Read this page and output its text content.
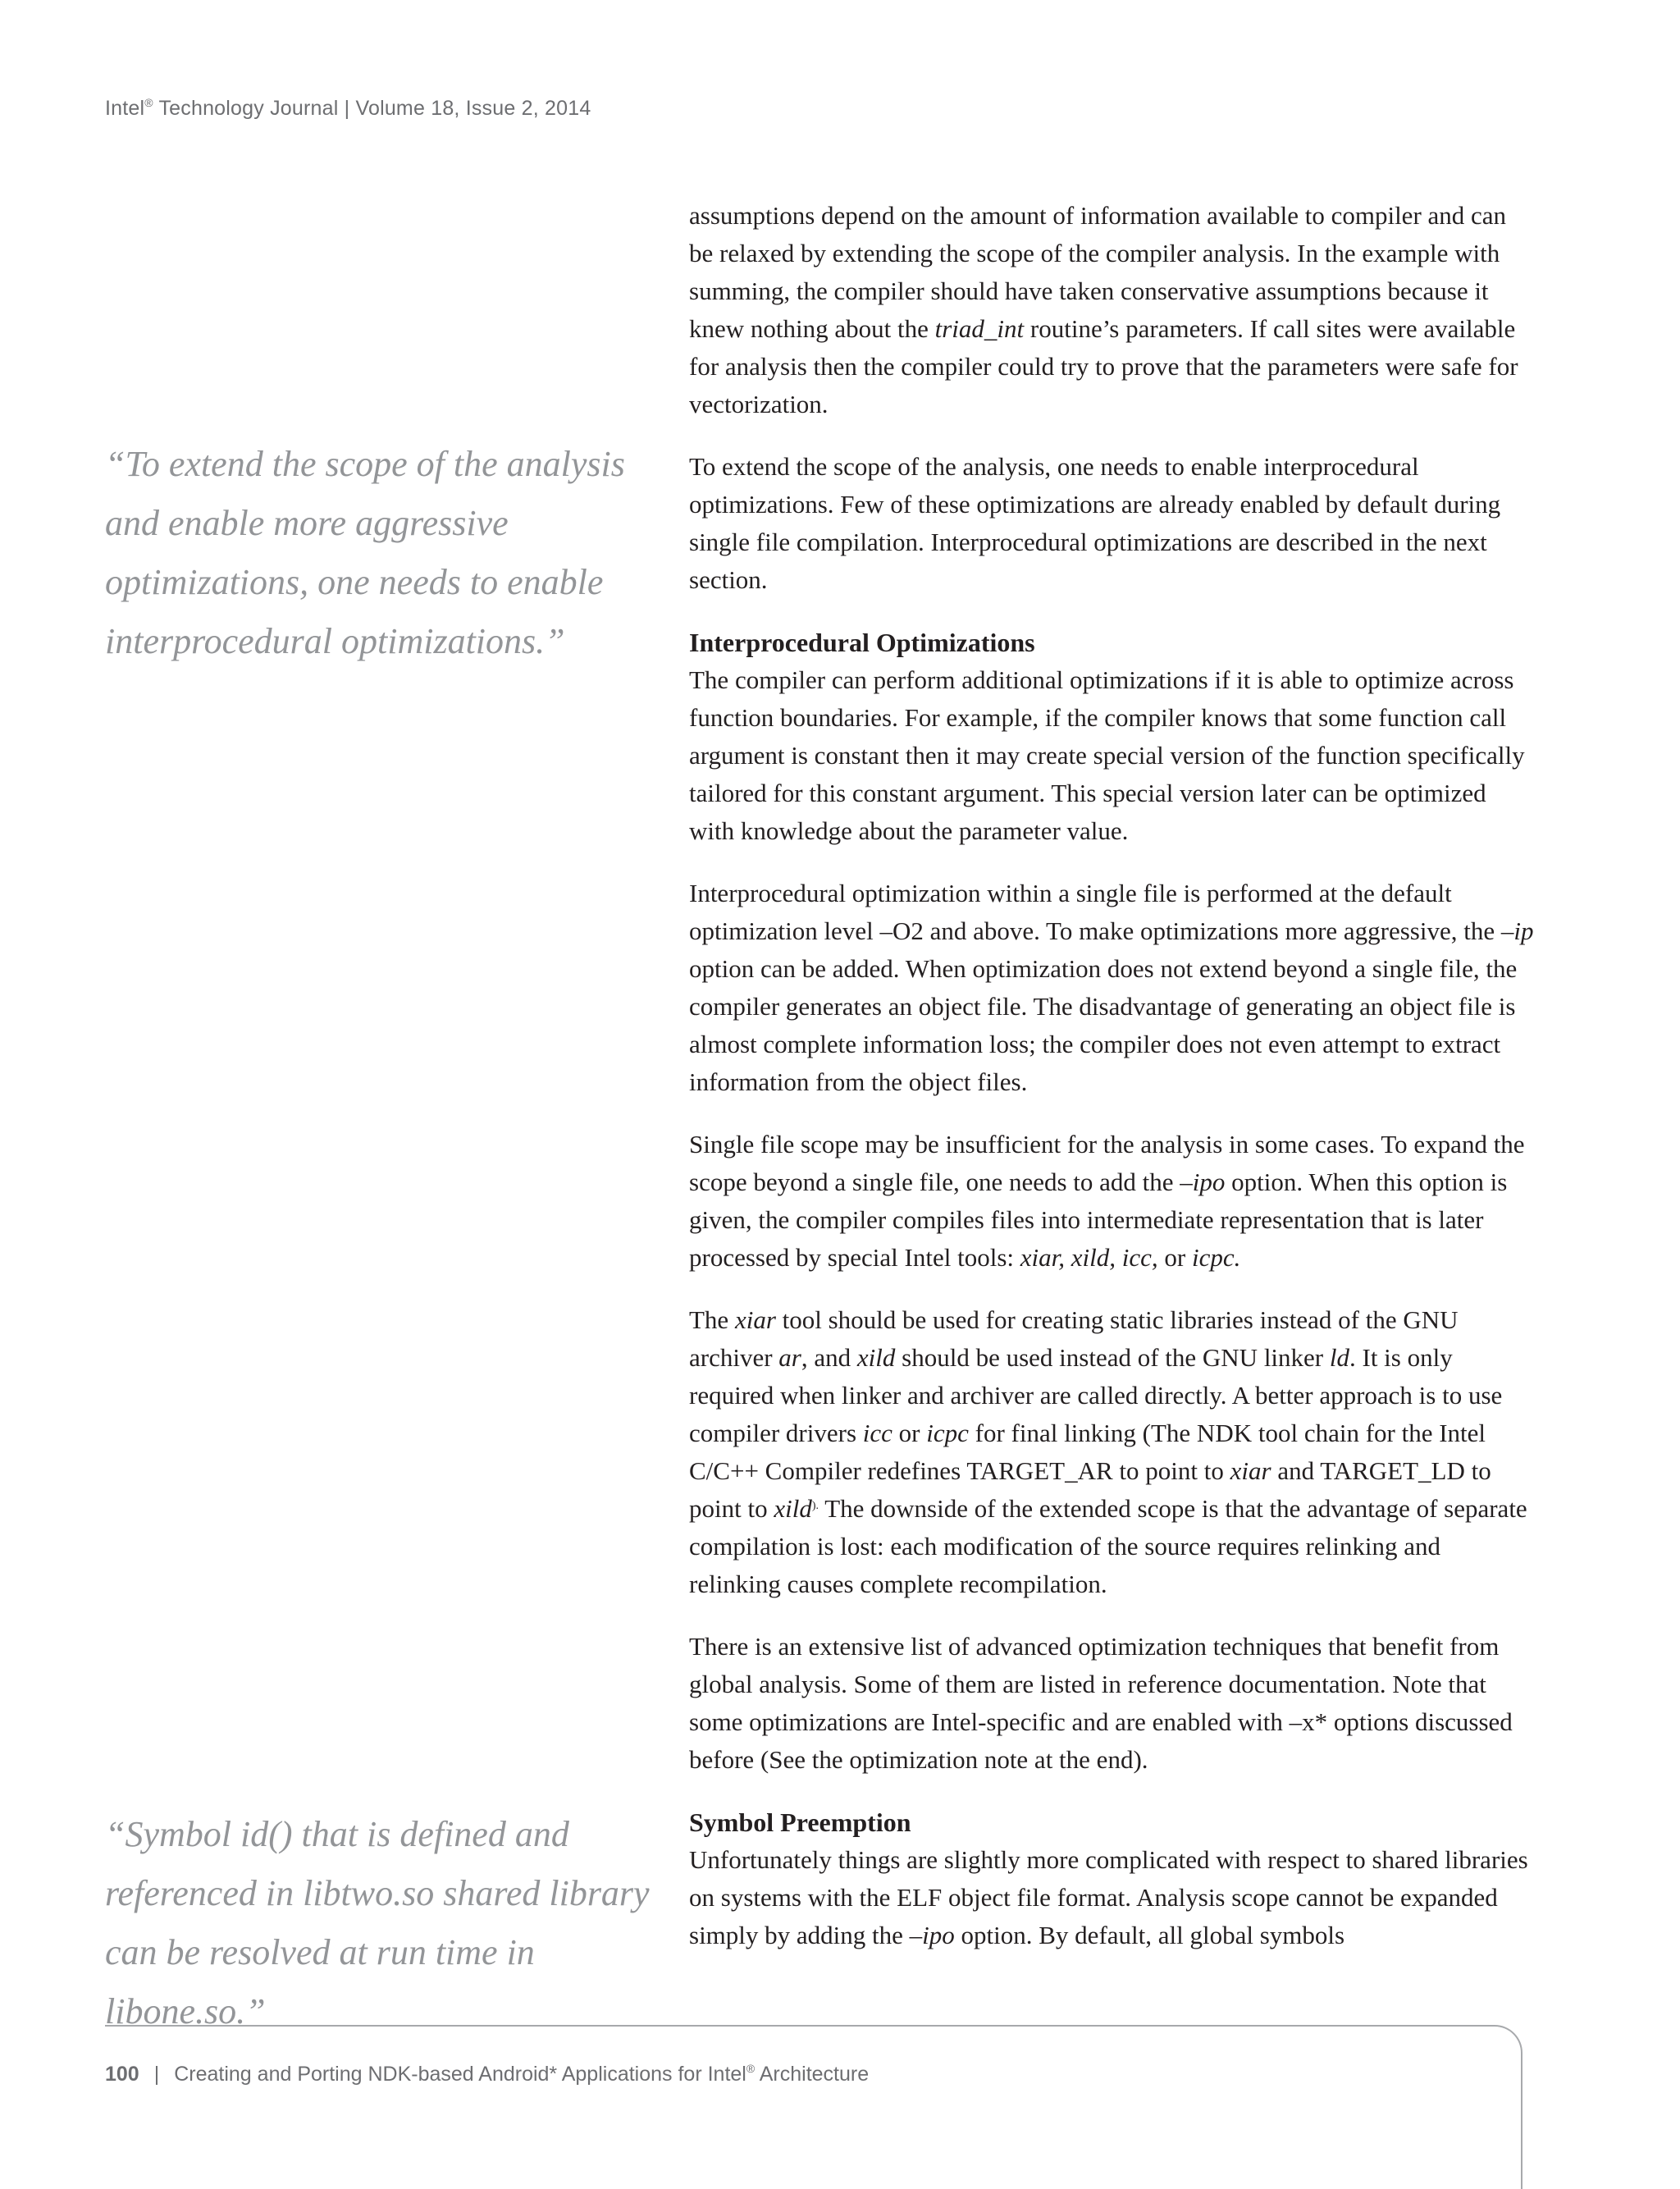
Intel® Technology Journal | Volume 18, Issue 2, 2014
“To extend the scope of the analysis and enable more aggressive optimizations, one needs to enable interprocedural optimizations.”
“Symbol id() that is defined and referenced in libtwo.so shared library can be resolved at run time in libone.so.”

assumptions depend on the amount of information available to compiler and can be relaxed by extending the scope of the compiler analysis. In the example with summing, the compiler should have taken conservative assumptions because it knew nothing about the triad_int routine’s parameters. If call sites were available for analysis then the compiler could try to prove that the parameters were safe for vectorization.

To extend the scope of the analysis, one needs to enable interprocedural optimizations. Few of these optimizations are already enabled by default during single file compilation. Interprocedural optimizations are described in the next section.

Interprocedural Optimizations

The compiler can perform additional optimizations if it is able to optimize across function boundaries. For example, if the compiler knows that some function call argument is constant then it may create special version of the function specifically tailored for this constant argument. This special version later can be optimized with knowledge about the parameter value.

Interprocedural optimization within a single file is performed at the default optimization level –O2 and above. To make optimizations more aggressive, the –ip option can be added. When optimization does not extend beyond a single file, the compiler generates an object file. The disadvantage of generating an object file is almost complete information loss; the compiler does not even attempt to extract information from the object files.

Single file scope may be insufficient for the analysis in some cases. To expand the scope beyond a single file, one needs to add the –ipo option. When this option is given, the compiler compiles files into intermediate representation that is later processed by special Intel tools: xiar, xild, icc, or icpc.

The xiar tool should be used for creating static libraries instead of the GNU archiver ar, and xild should be used instead of the GNU linker ld. It is only required when linker and archiver are called directly. A better approach is to use compiler drivers icc or icpc for final linking (The NDK tool chain for the Intel C/C++ Compiler redefines TARGET_AR to point to xiar and TARGET_LD to point to xild). The downside of the extended scope is that the advantage of separate compilation is lost: each modification of the source requires relinking and relinking causes complete recompilation.

There is an extensive list of advanced optimization techniques that benefit from global analysis. Some of them are listed in reference documentation. Note that some optimizations are Intel-specific and are enabled with –x* options discussed before (See the optimization note at the end).

Symbol Preemption

Unfortunately things are slightly more complicated with respect to shared libraries on systems with the ELF object file format. Analysis scope cannot be expanded simply by adding the –ipo option. By default, all global symbols

100 | Creating and Porting NDK-based Android* Applications for Intel® Architecture
